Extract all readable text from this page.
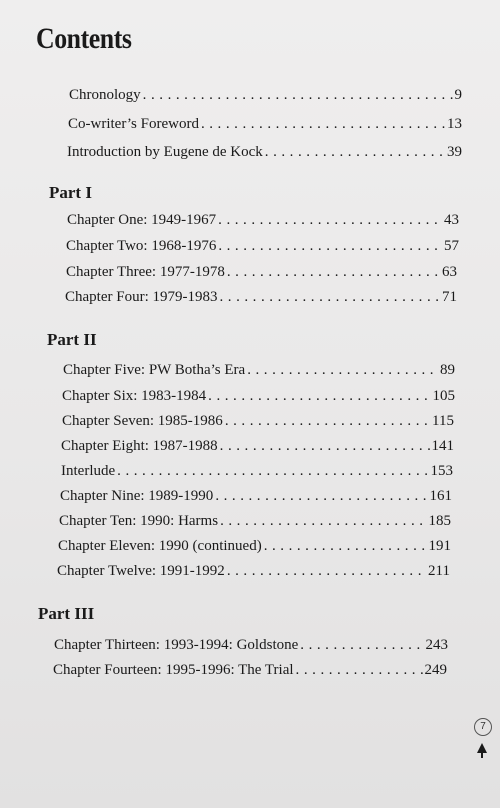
Contents
Chronology . . .	9
Co-writer’s Foreword . . .	13
Introduction by Eugene de Kock . . .	39
Part I
Chapter One: 1949-1967 . . .	43
Chapter Two: 1968-1976 . . .	57
Chapter Three: 1977-1978 . . .	63
Chapter Four: 1979-1983 . . .	71
Part II
Chapter Five: PW Botha’s Era . . .	89
Chapter Six: 1983-1984 . . .	105
Chapter Seven: 1985-1986 . . .	115
Chapter Eight: 1987-1988 . . .	141
Interlude . . .	153
Chapter Nine: 1989-1990 . . .	161
Chapter Ten: 1990: Harms . . .	185
Chapter Eleven: 1990 (continued) . . .	191
Chapter Twelve: 1991-1992 . . .	211
Part III
Chapter Thirteen: 1993-1994: Goldstone . . .	243
Chapter Fourteen: 1995-1996: The Trial . . .	249
7
